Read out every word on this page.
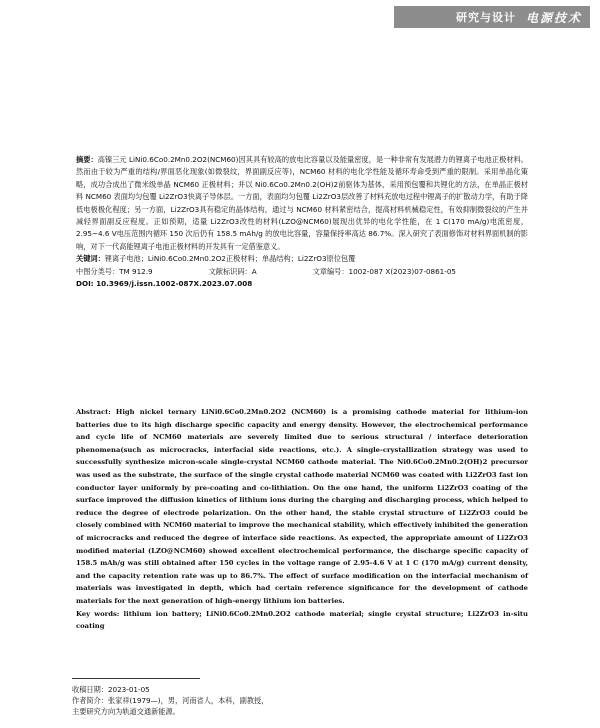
研究与设计 电源技术

摘要：高镍三元 LiNi0.6Co0.2Mn0.2O2(NCM60)因其具有较高的放电比容量以及能量密度，是一种非常有发展潜力的锂离子电池正极材料。然而由于较为严重的结构/界面恶化现象(如微裂纹，界面副反应等)，NCM60 材料的电化学性能及循环寿命受到严重的限制。采用单晶化策略，成功合成出了微米级单晶 NCM60 正极材料；并以 Ni0.6Co0.2Mn0.2(OH)2前驱体为基体，采用预包覆和共锂化的方法，在单晶正极材料 NCM60 表面均匀包覆 Li2ZrO3快离子导体层。一方面，表面均匀包覆 Li2ZrO3层改善了材料充放电过程中锂离子的扩散动力学，有助于降低电极极化程度；另一方面，Li2ZrO3具有稳定的晶体结构，通过与 NCM60 材料紧密结合，提高材料机械稳定性，有效抑制微裂纹的产生并减轻界面副反应程度。正如预期，适量 Li2ZrO3改性的材料(LZO@NCM60)展现出优异的电化学性能，在 1 C(170 mA/g)电流密度，2.95~4.6 V电压范围内循环 150 次后仍有 158.5 mAh/g 的放电比容量，容量保持率高达 86.7%。深入研究了表面修饰对材料界面机制的影响，对下一代高能锂离子电池正极材料的开发具有一定借鉴意义。

关键词：锂离子电池；LiNi0.6Co0.2Mn0.2O2正极材料；单晶结构；Li2ZrO3原位包覆

中图分类号：TM 912.9	文献标识码：A	文章编号：1002-087 X(2023)07-0861-05

DOI: 10.3969/j.issn.1002-087X.2023.07.008

Abstract: High nickel ternary LiNi0.6Co0.2Mn0.2O2 (NCM60) is a promising cathode material for lithium-ion batteries due to its high discharge specific capacity and energy density. However, the electrochemical performance and cycle life of NCM60 materials are severely limited due to serious structural / interface deterioration phenomena(such as microcracks, interfacial side reactions, etc.). A single-crystallization strategy was used to successfully synthesize micron-scale single-crystal NCM60 cathode material. The Ni0.6Co0.2Mn0.2(OH)2 precursor was used as the substrate, the surface of the single crystal cathode material NCM60 was coated with Li2ZrO3 fast ion conductor layer uniformly by pre-coating and co-lithiation. On the one hand, the uniform Li2ZrO3 coating of the surface improved the diffusion kinetics of lithium ions during the charging and discharging process, which helped to reduce the degree of electrode polarization. On the other hand, the stable crystal structure of Li2ZrO3 could be closely combined with NCM60 material to improve the mechanical stability, which effectively inhibited the generation of microcracks and reduced the degree of interface side reactions. As expected, the appropriate amount of Li2ZrO3 modified material (LZO@NCM60) showed excellent electrochemical performance, the discharge specific capacity of 158.5 mAh/g was still obtained after 150 cycles in the voltage range of 2.95-4.6 V at 1 C (170 mA/g) current density, and the capacity retention rate was up to 86.7%. The effect of surface modification on the interfacial mechanism of materials was investigated in depth, which had certain reference significance for the development of cathode materials for the next generation of high-energy lithium ion batteries.

Key words: lithium ion battery; LiNi0.6Co0.2Mn0.2O2 cathode material; single crystal structure; Li2ZrO3 in-situ coating

收稿日期：2023-01-05

作者简介：张家祥(1979—)，男，河南省人，本科，副教授，

主要研究方向为轨道交通新能源。
